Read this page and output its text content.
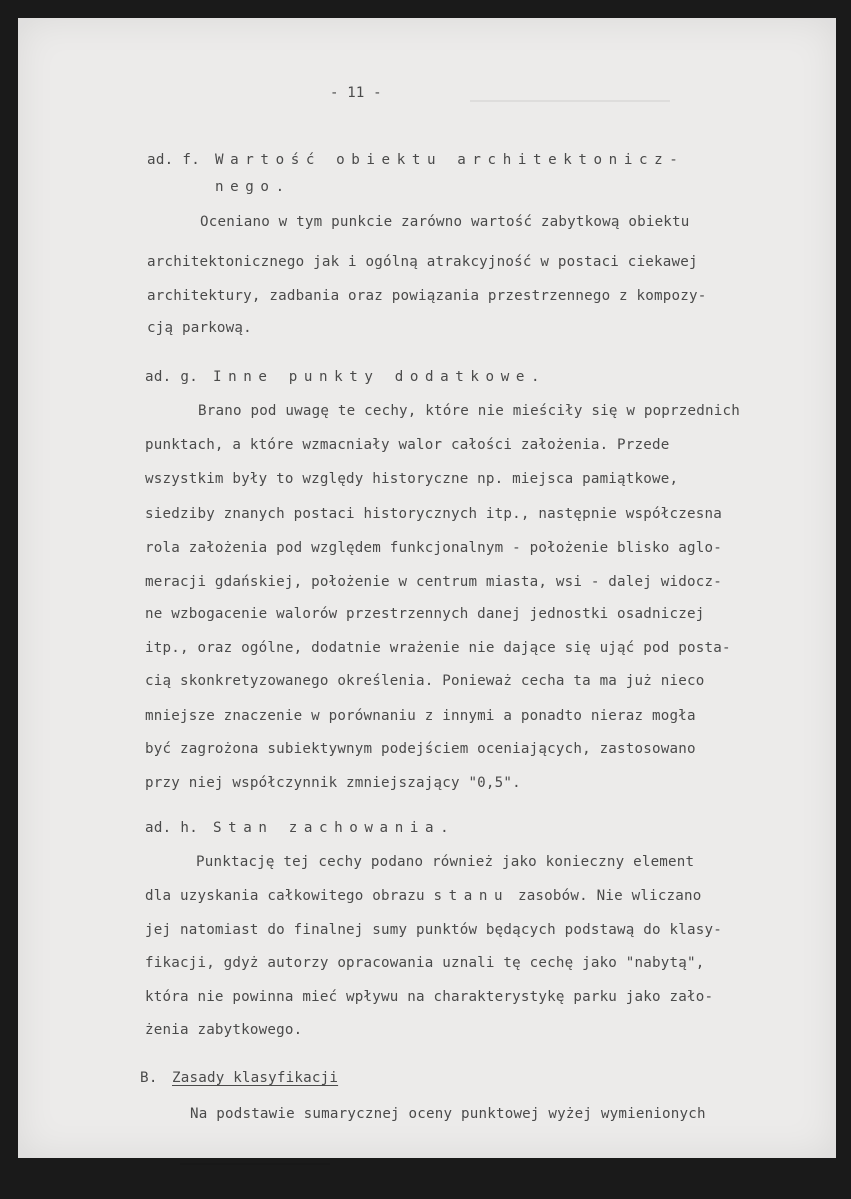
- 11 -
ad. f. Wartość obiektu architektonicz-
nego.
Oceniano w tym punkcie zarówno wartość zabytkową obiektu
architektonicznego jak i ogólną atrakcyjność w postaci ciekawej
architektury, zadbania oraz powiązania przestrzennego z kompozy-
cją parkową.
ad. g. Inne punkty dodatkowe.
Brano pod uwagę te cechy, które nie mieściły się w poprzednich
punktach, a które wzmacniały walor całości założenia. Przede
wszystkim były to względy historyczne np. miejsca pamiątkowe,
siedziby znanych postaci historycznych itp., następnie współczesna
rola założenia pod względem funkcjonalnym - położenie blisko aglo-
meracji gdańskiej, położenie w centrum miasta, wsi - dalej widocz-
ne wzbogacenie walorów przestrzennych danej jednostki osadniczej
itp., oraz ogólne, dodatnie wrażenie nie dające się ująć pod posta-
cią skonkretyzowanego określenia. Ponieważ cecha ta ma już nieco
mniejsze znaczenie w porównaniu z innymi a ponadto nieraz mogła
być zagrożona subiektywnym podejściem oceniających, zastosowano
przy niej współczynnik zmniejszający "0,5".
ad. h. Stan zachowania.
Punktację tej cechy podano również jako konieczny element
dla uzyskania całkowitego obrazu stanu zasobów. Nie wliczano
jej natomiast do finalnej sumy punktów będących podstawą do klasy-
fikacji, gdyż autorzy opracowania uznali tę cechę jako "nabytą",
która nie powinna mieć wpływu na charakterystykę parku jako zało-
żenia zabytkowego.
B. Zasady klasyfikacji
Na podstawie sumarycznej oceny punktowej wyżej wymienionych
